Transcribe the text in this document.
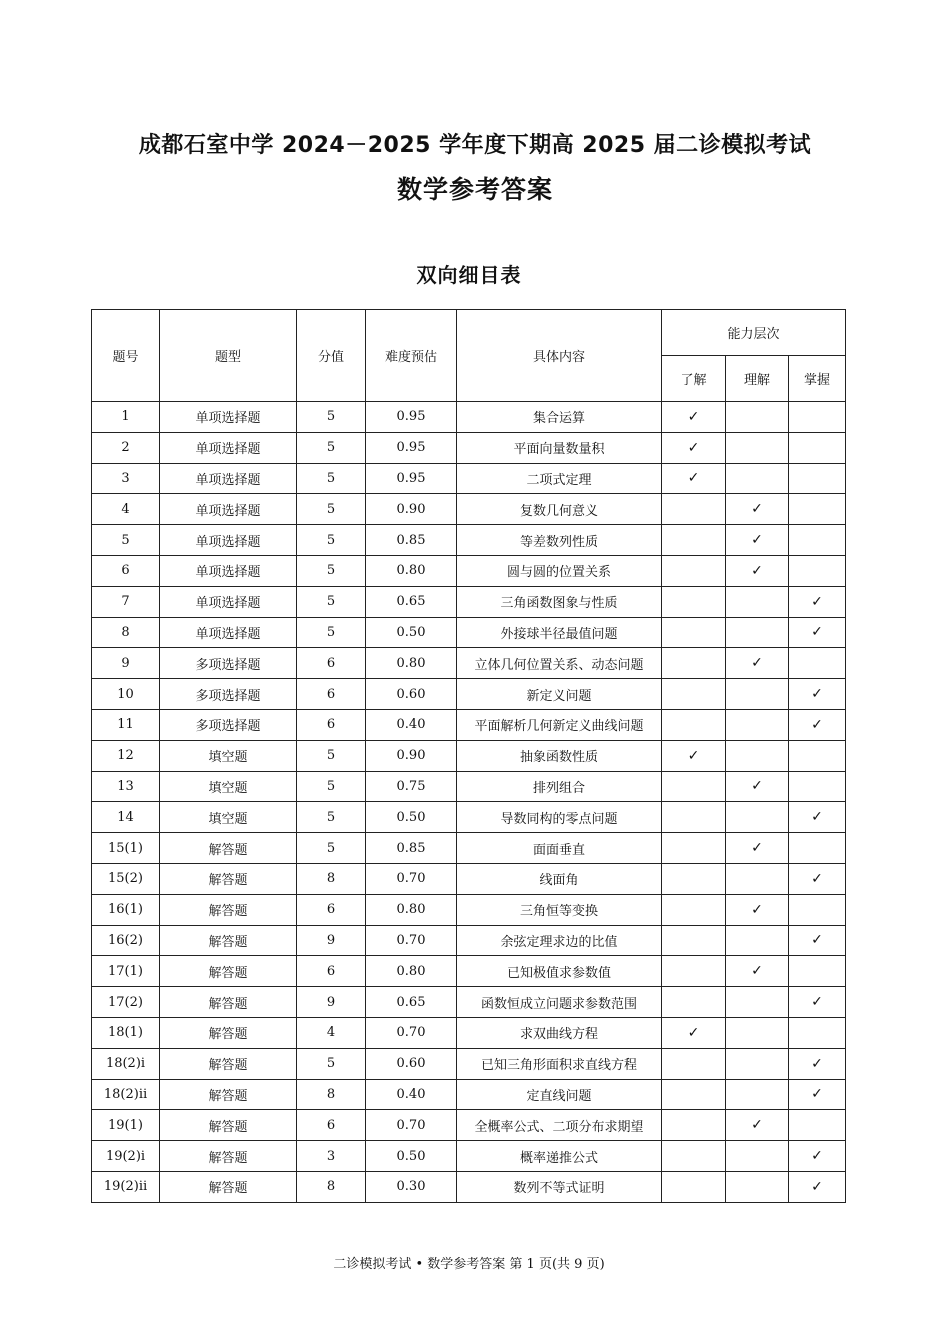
成都石室中学 2024－2025 学年度下期高 2025 届二诊模拟考试
数学参考答案
双向细目表
题号	题型	分值	难度预估	具体内容	能力层次		
					了解	理解	掌握
1	单项选择题	5	0.95	集合运算	✓		
2	单项选择题	5	0.95	平面向量数量积	✓		
3	单项选择题	5	0.95	二项式定理	✓		
4	单项选择题	5	0.90	复数几何意义		✓	
5	单项选择题	5	0.85	等差数列性质		✓	
6	单项选择题	5	0.80	圆与圆的位置关系		✓	
7	单项选择题	5	0.65	三角函数图象与性质			✓
8	单项选择题	5	0.50	外接球半径最值问题			✓
9	多项选择题	6	0.80	立体几何位置关系、动态问题		✓	
10	多项选择题	6	0.60	新定义问题			✓
11	多项选择题	6	0.40	平面解析几何新定义曲线问题			✓
12	填空题	5	0.90	抽象函数性质	✓		
13	填空题	5	0.75	排列组合		✓	
14	填空题	5	0.50	导数同构的零点问题			✓
15(1)	解答题	5	0.85	面面垂直		✓	
15(2)	解答题	8	0.70	线面角			✓
16(1)	解答题	6	0.80	三角恒等变换		✓	
16(2)	解答题	9	0.70	余弦定理求边的比值			✓
17(1)	解答题	6	0.80	已知极值求参数值		✓	
17(2)	解答题	9	0.65	函数恒成立问题求参数范围			✓
18(1)	解答题	4	0.70	求双曲线方程	✓		
18(2)ⅰ	解答题	5	0.60	已知三角形面积求直线方程			✓
18(2)ⅱ	解答题	8	0.40	定直线问题			✓
19(1)	解答题	6	0.70	全概率公式、二项分布求期望		✓	
19(2)ⅰ	解答题	3	0.50	概率递推公式			✓
19(2)ⅱ	解答题	8	0.30	数列不等式证明			✓
二诊模拟考试 • 数学参考答案 第 1 页(共 9 页)
